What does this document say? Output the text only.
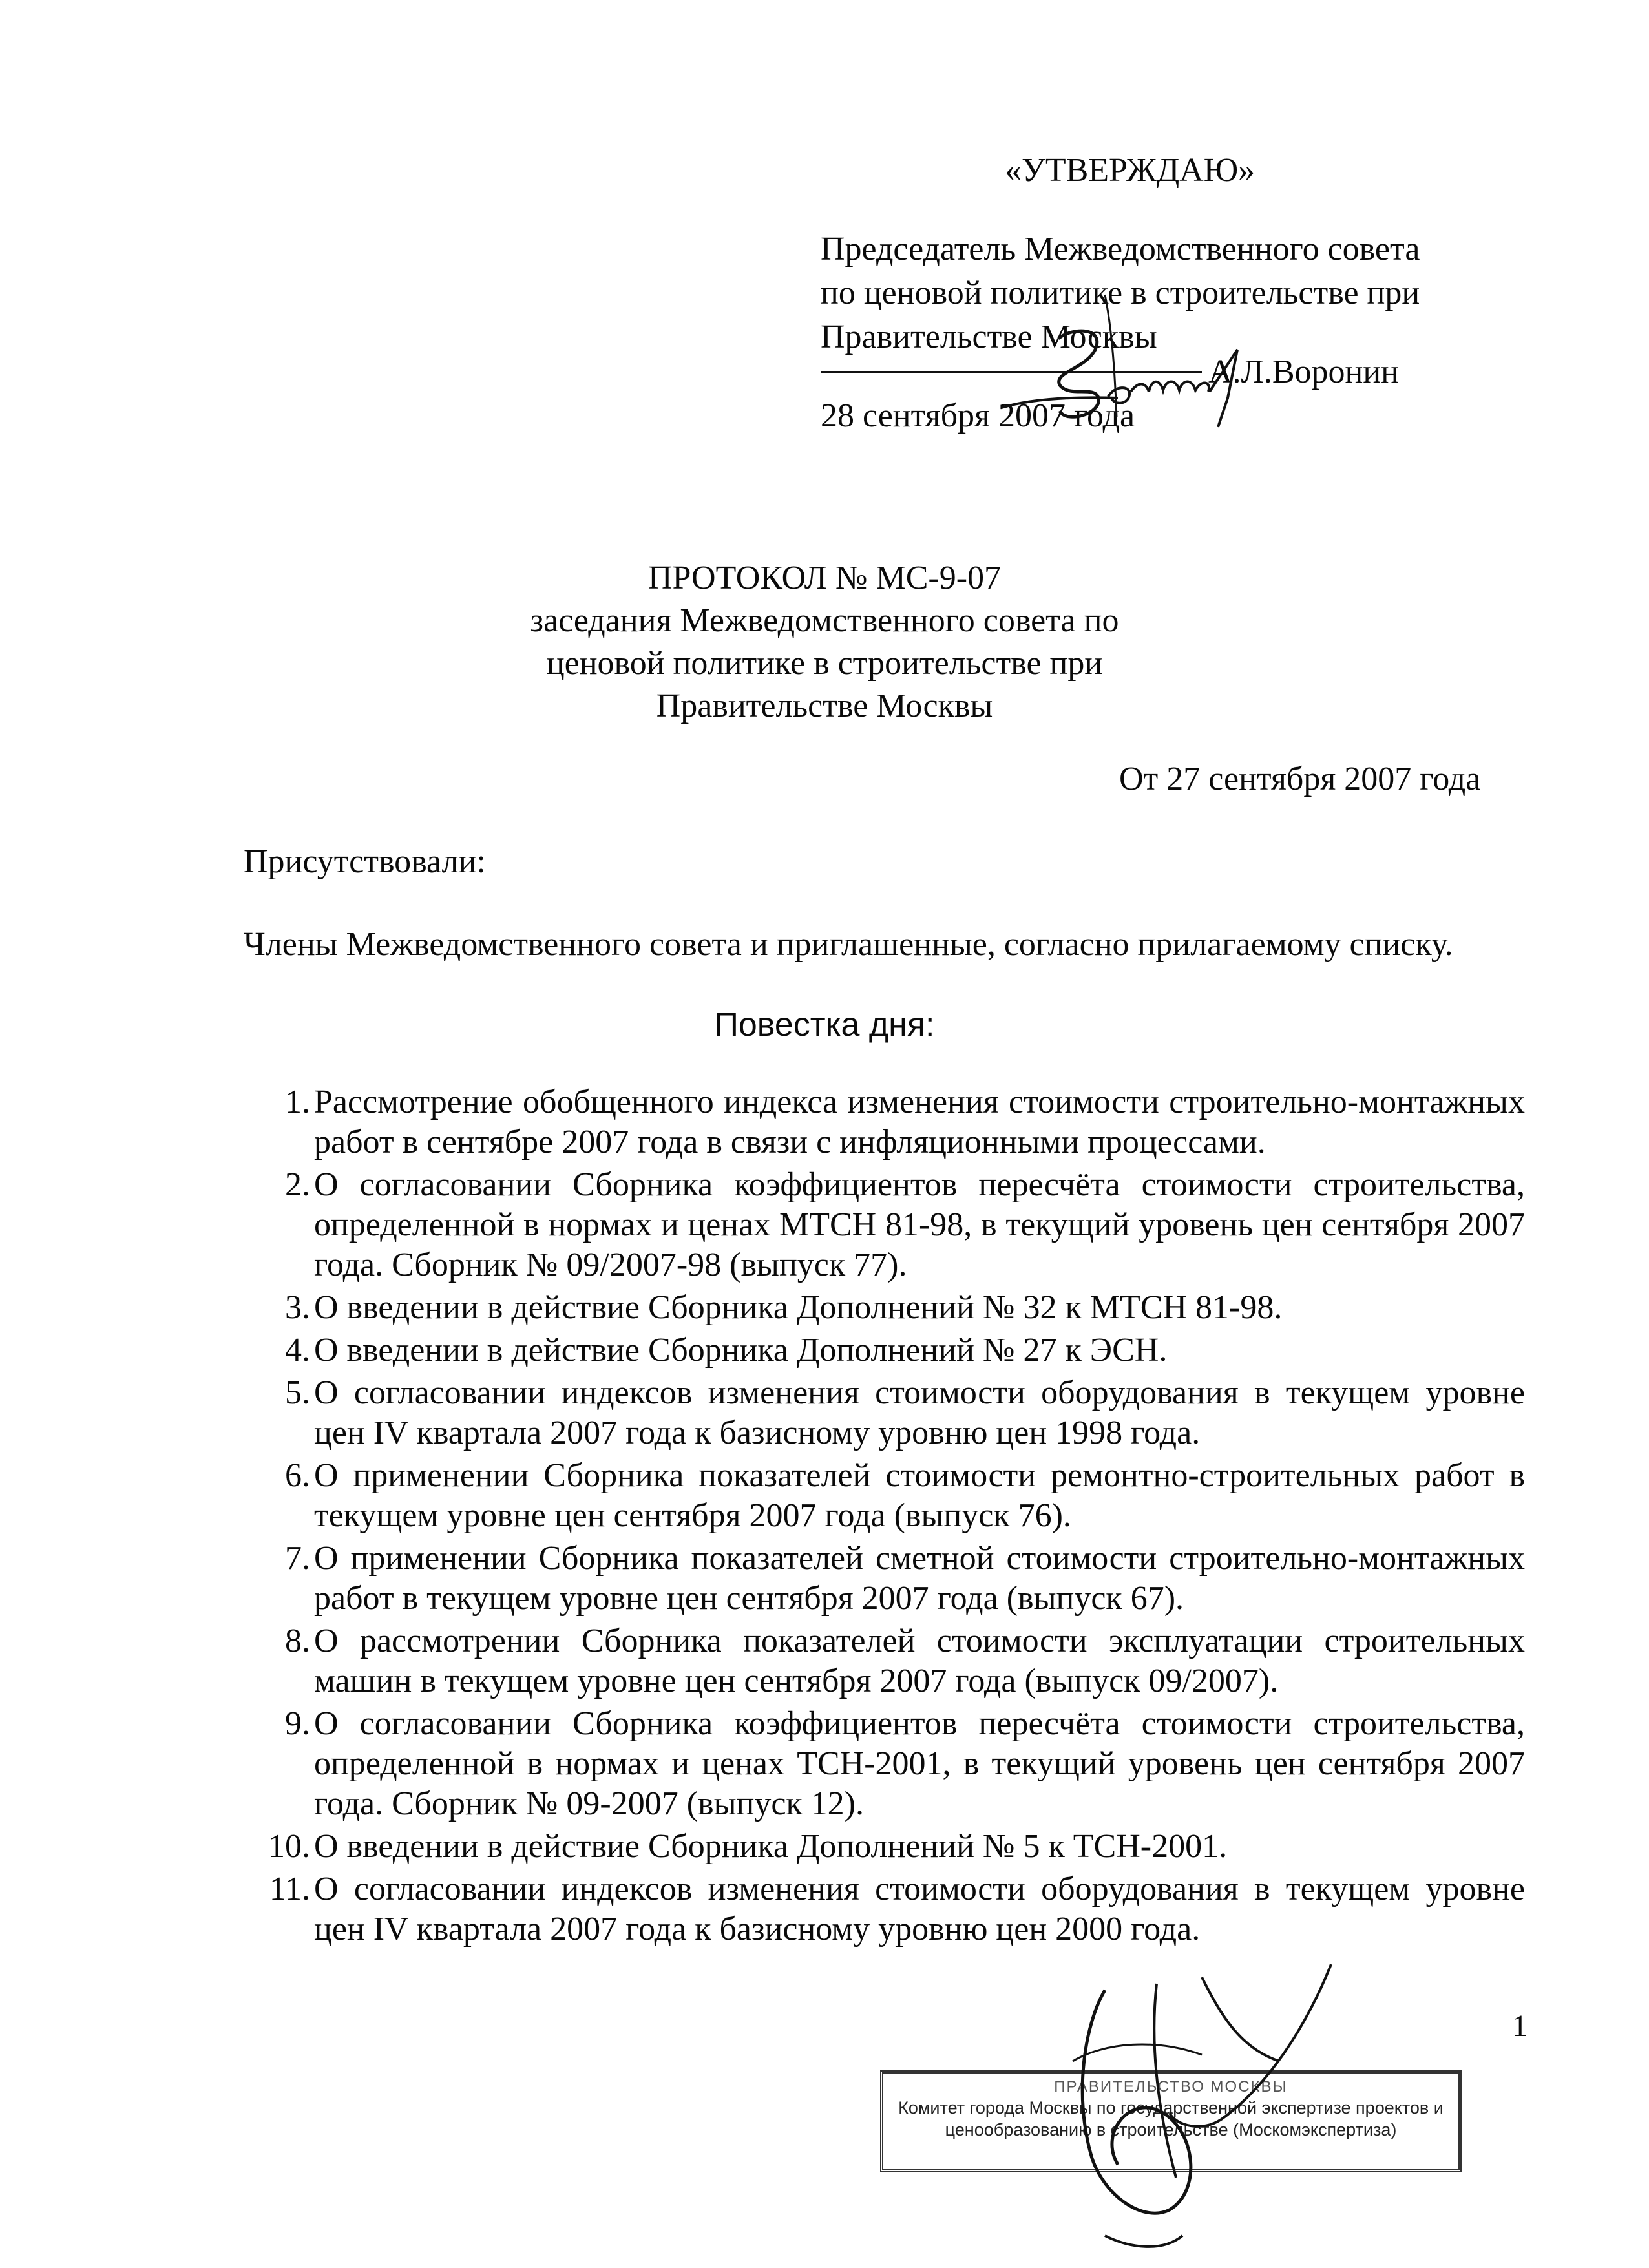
«УТВЕРЖДАЮ»
Председатель Межведомственного совета
по ценовой политике в строительстве при
Правительстве Москвы
А.Л.Воронин
28 сентября 2007 года
ПРОТОКОЛ № МС-9-07
заседания Межведомственного совета по
ценовой политике в строительстве при
Правительстве Москвы
От 27 сентября 2007 года
Присутствовали:
Члены Межведомственного совета и приглашенные, согласно прилагаемому списку.
Повестка дня:
1. Рассмотрение обобщенного индекса изменения стоимости строительно-монтажных работ в сентябре 2007 года в связи с инфляционными процессами.
2. О согласовании Сборника коэффициентов пересчёта стоимости строительства, определенной в нормах и ценах МТСН 81-98, в текущий уровень цен сентября 2007 года. Сборник № 09/2007-98 (выпуск 77).
3. О введении в действие Сборника Дополнений № 32 к МТСН 81-98.
4. О введении в действие Сборника Дополнений № 27 к ЭСН.
5. О согласовании индексов изменения стоимости оборудования в текущем уровне цен IV квартала 2007 года к базисному уровню цен 1998 года.
6. О применении Сборника показателей стоимости ремонтно-строительных работ в текущем уровне цен сентября 2007 года (выпуск 76).
7. О применении Сборника показателей сметной стоимости строительно-монтажных работ в текущем уровне цен сентября 2007 года (выпуск 67).
8. О рассмотрении Сборника показателей стоимости эксплуатации строительных машин в текущем уровне цен сентября 2007 года (выпуск 09/2007).
9. О согласовании Сборника коэффициентов пересчёта стоимости строительства, определенной в нормах и ценах ТСН-2001, в текущий уровень цен сентября 2007 года. Сборник № 09-2007 (выпуск 12).
10. О введении в действие Сборника Дополнений № 5 к ТСН-2001.
11. О согласовании индексов изменения стоимости оборудования в текущем уровне цен IV квартала 2007 года к базисному уровню цен 2000 года.
1
ПРАВИТЕЛЬСТВО МОСКВЫ
Комитет города Москвы по государственной экспертизе проектов и
ценообразованию в строительстве (Москомэкспертиза)
